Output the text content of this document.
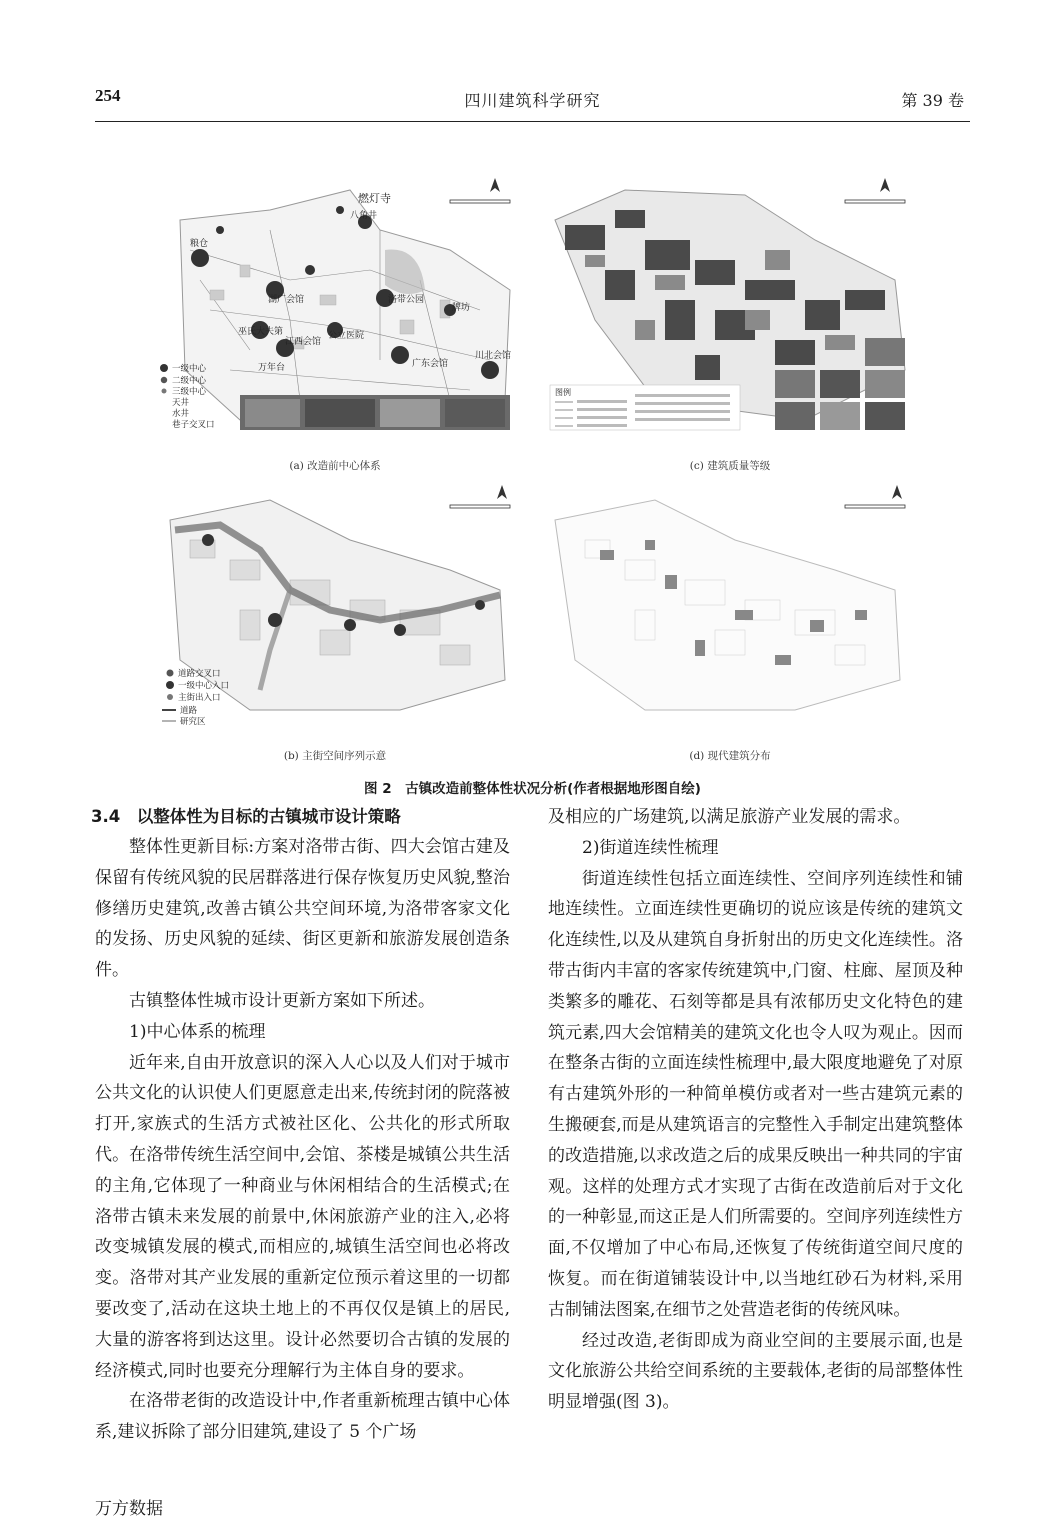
254	四川建筑科学研究	第 39 卷
燃灯寺
八角井
粮仓
湖广会馆	洛带公园
牌坊
巫氏大夫第
江西会馆
公立医院
广东会馆
川北会馆
万年台
一级中心
二级中心
三级中心
天井
水井
巷子交叉口
(a) 改造前中心体系
图例
(c) 建筑质量等级
道路交叉口
一级中心入口
主街出入口
道路
研究区
(b) 主街空间序列示意	(d) 现代建筑分布
图 2　古镇改造前整体性状况分析(作者根据地形图自绘)
3.4　以整体性为目标的古镇城市设计策略
整体性更新目标:方案对洛带古街、四大会馆古建及保留有传统风貌的民居群落进行保存恢复历史风貌,整治修缮历史建筑,改善古镇公共空间环境,为洛带客家文化的发扬、历史风貌的延续、街区更新和旅游发展创造条件。
古镇整体性城市设计更新方案如下所述。
1)中心体系的梳理
近年来,自由开放意识的深入人心以及人们对于城市公共文化的认识使人们更愿意走出来,传统封闭的院落被打开,家族式的生活方式被社区化、公共化的形式所取代。在洛带传统生活空间中,会馆、茶楼是城镇公共生活的主角,它体现了一种商业与休闲相结合的生活模式;在洛带古镇未来发展的前景中,休闲旅游产业的注入,必将改变城镇发展的模式,而相应的,城镇生活空间也必将改变。洛带对其产业发展的重新定位预示着这里的一切都要改变了,活动在这块土地上的不再仅仅是镇上的居民,大量的游客将到达这里。设计必然要切合古镇的发展的经济模式,同时也要充分理解行为主体自身的要求。
在洛带老街的改造设计中,作者重新梳理古镇中心体系,建议拆除了部分旧建筑,建设了 5 个广场
及相应的广场建筑,以满足旅游产业发展的需求。
2)街道连续性梳理
街道连续性包括立面连续性、空间序列连续性和铺地连续性。立面连续性更确切的说应该是传统的建筑文化连续性,以及从建筑自身折射出的历史文化连续性。洛带古街内丰富的客家传统建筑中,门窗、柱廊、屋顶及种类繁多的雕花、石刻等都是具有浓郁历史文化特色的建筑元素,四大会馆精美的建筑文化也令人叹为观止。因而在整条古街的立面连续性梳理中,最大限度地避免了对原有古建筑外形的一种简单模仿或者对一些古建筑元素的生搬硬套,而是从建筑语言的完整性入手制定出建筑整体的改造措施,以求改造之后的成果反映出一种共同的宇宙观。这样的处理方式才实现了古街在改造前后对于文化的一种彰显,而这正是人们所需要的。空间序列连续性方面,不仅增加了中心布局,还恢复了传统街道空间尺度的恢复。而在街道铺装设计中,以当地红砂石为材料,采用古制铺法图案,在细节之处营造老街的传统风味。
经过改造,老街即成为商业空间的主要展示面,也是文化旅游公共给空间系统的主要载体,老街的局部整体性明显增强(图 3)。
万方数据
